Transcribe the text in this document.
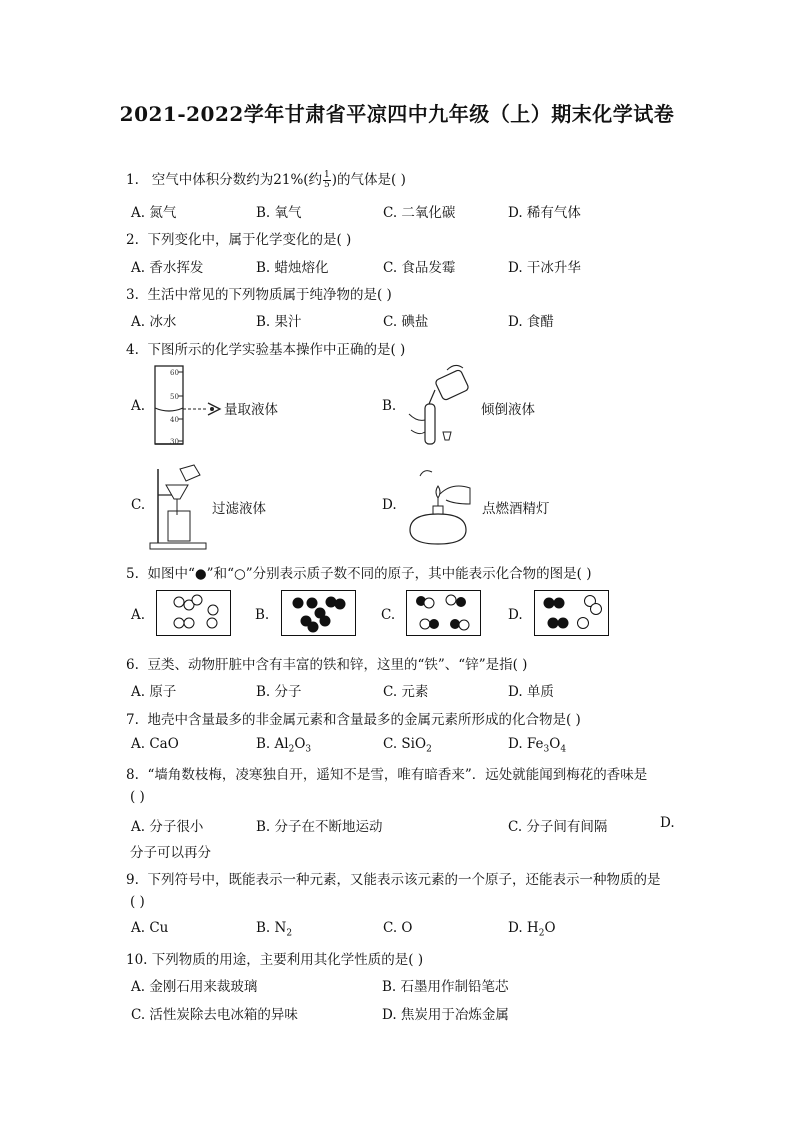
2021-2022学年甘肃省平凉四中九年级（上）期末化学试卷
1. 空气中体积分数约为21%(约 $\frac{1}{5}$ )的气体是( )
A. 氮气	B. 氧气	C. 二氧化碳	D. 稀有气体
2. 下列变化中，属于化学变化的是( )
A. 香水挥发	B. 蜡烛熔化	C. 食品发霉	D. 干冰升华
3. 生活中常见的下列物质属于纯净物的是( )
A. 冰水	B. 果汁	C. 碘盐	D. 食醋
4. 下图所示的化学实验基本操作中正确的是( )
A.
60
50
40
30
量取液体	B.	倾倒液体
C.	过滤液体	D.	点燃酒精灯
5. 如图中“●”和“○”分别表示质子数不同的原子，其中能表示化合物的图是( )
A.	B.	C.	D.
6. 豆类、动物肝脏中含有丰富的铁和锌，这里的“铁”、“锌”是指( )
A. 原子	B. 分子	C. 元素	D. 单质
7. 地壳中含量最多的非金属元素和含量最多的金属元素所形成的化合物是( )
A. CaO	B. $Al_2O_3$	C. SiO$_2$	D. $Fe_3O_4$
8. “墙角数枝梅，凌寒独自开，遥知不是雪，唯有暗香来”．远处就能闻到梅花的香味是
( )
A. 分子很小	B. 分子在不断地运动	C. 分子间有间隔	D.
分子可以再分
9. 下列符号中，既能表示一种元素，又能表示该元素的一个原子，还能表示一种物质的是
( )
A. Cu	B. $N_2$	C. O	D. $H_2O$
10. 下列物质的用途，主要利用其化学性质的是( )
A. 金刚石用来裁玻璃	B. 石墨用作制铅笔芯
C. 活性炭除去电冰箱的异味	D. 焦炭用于冶炼金属
